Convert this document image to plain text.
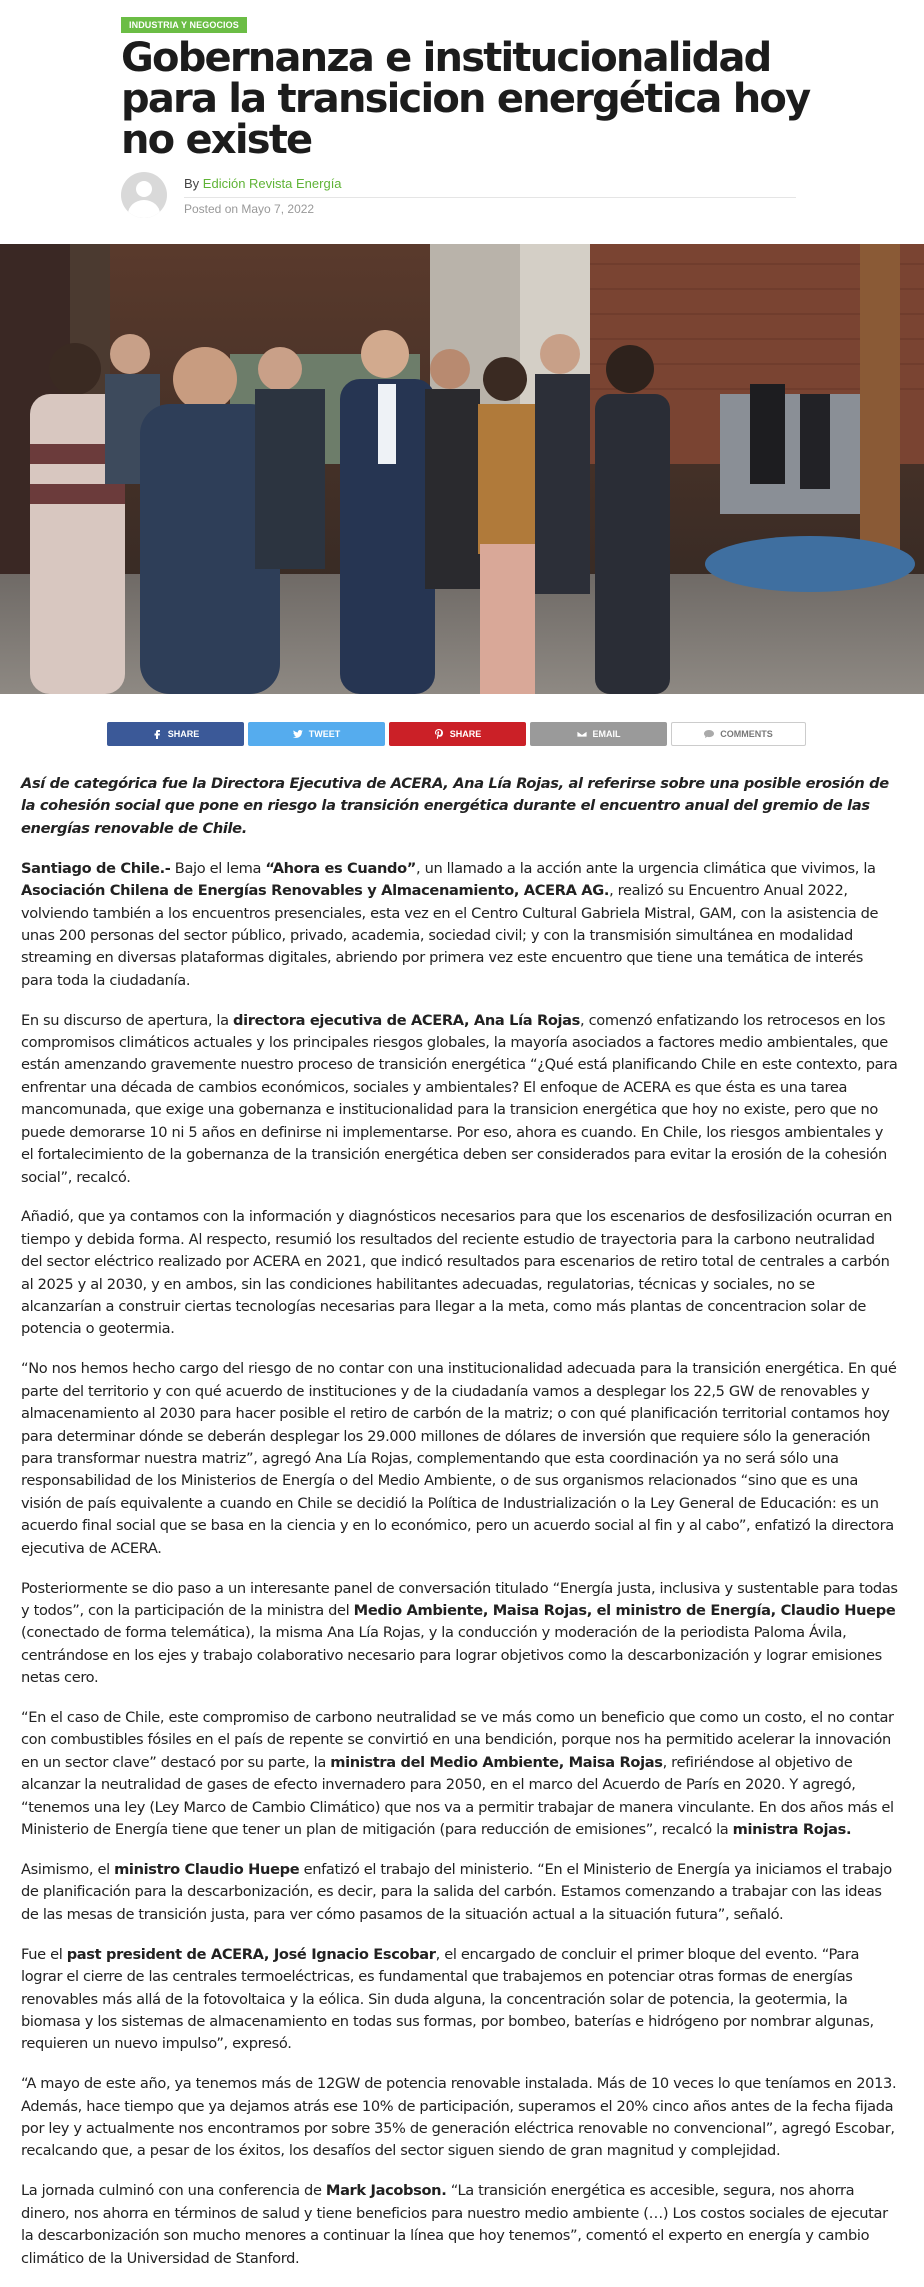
INDUSTRIA Y NEGOCIOS
Gobernanza e institucionalidad para la transicion energética hoy no existe
By Edición Revista Energía
Posted on Mayo 7, 2022
SHARE	TWEET	SHARE	EMAIL	COMMENTS

Así de categórica fue la Directora Ejecutiva de ACERA, Ana Lía Rojas, al referirse sobre una posible erosión de la cohesión social que pone en riesgo la transición energética durante el encuentro anual del gremio de las energías renovable de Chile.

Santiago de Chile.- Bajo el lema “Ahora es Cuando”, un llamado a la acción ante la urgencia climática que vivimos, la Asociación Chilena de Energías Renovables y Almacenamiento, ACERA AG., realizó su Encuentro Anual 2022, volviendo también a los encuentros presenciales, esta vez en el Centro Cultural Gabriela Mistral, GAM, con la asistencia de unas 200 personas del sector público, privado, academia, sociedad civil; y con la transmisión simultánea en modalidad streaming en diversas plataformas digitales, abriendo por primera vez este encuentro que tiene una temática de interés para toda la ciudadanía.

En su discurso de apertura, la directora ejecutiva de ACERA, Ana Lía Rojas, comenzó enfatizando los retrocesos en los compromisos climáticos actuales y los principales riesgos globales, la mayoría asociados a factores medio ambientales, que están amenzando gravemente nuestro proceso de transición energética “¿Qué está planificando Chile en este contexto, para enfrentar una década de cambios económicos, sociales y ambientales? El enfoque de ACERA es que ésta es una tarea mancomunada, que exige una gobernanza e institucionalidad para la transicion energética que hoy no existe, pero que no puede demorarse 10 ni 5 años en definirse ni implementarse. Por eso, ahora es cuando. En Chile, los riesgos ambientales y el fortalecimiento de la gobernanza de la transición energética deben ser considerados para evitar la erosión de la cohesión social”, recalcó.

Añadió, que ya contamos con la información y diagnósticos necesarios para que los escenarios de desfosilización ocurran en tiempo y debida forma. Al respecto, resumió los resultados del reciente estudio de trayectoria para la carbono neutralidad del sector eléctrico realizado por ACERA en 2021, que indicó resultados para escenarios de retiro total de centrales a carbón al 2025 y al 2030, y en ambos, sin las condiciones habilitantes adecuadas, regulatorias, técnicas y sociales, no se alcanzarían a construir ciertas tecnologías necesarias para llegar a la meta, como más plantas de concentracion solar de potencia o geotermia.

“No nos hemos hecho cargo del riesgo de no contar con una institucionalidad adecuada para la transición energética. En qué parte del territorio y con qué acuerdo de instituciones y de la ciudadanía vamos a desplegar los 22,5 GW de renovables y almacenamiento al 2030 para hacer posible el retiro de carbón de la matriz; o con qué planificación territorial contamos hoy para determinar dónde se deberán desplegar los 29.000 millones de dólares de inversión que requiere sólo la generación para transformar nuestra matriz”, agregó Ana Lía Rojas, complementando que esta coordinación ya no será sólo una responsabilidad de los Ministerios de Energía o del Medio Ambiente, o de sus organismos relacionados “sino que es una visión de país equivalente a cuando en Chile se decidió la Política de Industrialización o la Ley General de Educación: es un acuerdo final social que se basa en la ciencia y en lo económico, pero un acuerdo social al fin y al cabo”, enfatizó la directora ejecutiva de ACERA.

Posteriormente se dio paso a un interesante panel de conversación titulado “Energía justa, inclusiva y sustentable para todas y todos”, con la participación de la ministra del Medio Ambiente, Maisa Rojas, el ministro de Energía, Claudio Huepe (conectado de forma telemática), la misma Ana Lía Rojas, y la conducción y moderación de la periodista Paloma Ávila, centrándose en los ejes y trabajo colaborativo necesario para lograr objetivos como la descarbonización y lograr emisiones netas cero.

“En el caso de Chile, este compromiso de carbono neutralidad se ve más como un beneficio que como un costo, el no contar con combustibles fósiles en el país de repente se convirtió en una bendición, porque nos ha permitido acelerar la innovación en un sector clave” destacó por su parte, la ministra del Medio Ambiente, Maisa Rojas, refiriéndose al objetivo de alcanzar la neutralidad de gases de efecto invernadero para 2050, en el marco del Acuerdo de París en 2020. Y agregó, “tenemos una ley (Ley Marco de Cambio Climático) que nos va a permitir trabajar de manera vinculante. En dos años más el Ministerio de Energía tiene que tener un plan de mitigación (para reducción de emisiones”, recalcó la ministra Rojas.

Asimismo, el ministro Claudio Huepe enfatizó el trabajo del ministerio. “En el Ministerio de Energía ya iniciamos el trabajo de planificación para la descarbonización, es decir, para la salida del carbón. Estamos comenzando a trabajar con las ideas de las mesas de transición justa, para ver cómo pasamos de la situación actual a la situación futura”, señaló.

Fue el past president de ACERA, José Ignacio Escobar, el encargado de concluir el primer bloque del evento. “Para lograr el cierre de las centrales termoeléctricas, es fundamental que trabajemos en potenciar otras formas de energías renovables más allá de la fotovoltaica y la eólica. Sin duda alguna, la concentración solar de potencia, la geotermia, la biomasa y los sistemas de almacenamiento en todas sus formas, por bombeo, baterías e hidrógeno por nombrar algunas, requieren un nuevo impulso”, expresó.

“A mayo de este año, ya tenemos más de 12GW de potencia renovable instalada. Más de 10 veces lo que teníamos en 2013. Además, hace tiempo que ya dejamos atrás ese 10% de participación, superamos el 20% cinco años antes de la fecha fijada por ley y actualmente nos encontramos por sobre 35% de generación eléctrica renovable no convencional”, agregó Escobar, recalcando que, a pesar de los éxitos, los desafíos del sector siguen siendo de gran magnitud y complejidad.

La jornada culminó con una conferencia de Mark Jacobson. “La transición energética es accesible, segura, nos ahorra dinero, nos ahorra en términos de salud y tiene beneficios para nuestro medio ambiente (…) Los costos sociales de ejecutar la descarbonización son mucho menores a continuar la línea que hoy tenemos”, comentó el experto en energía y cambio climático de la Universidad de Stanford.
